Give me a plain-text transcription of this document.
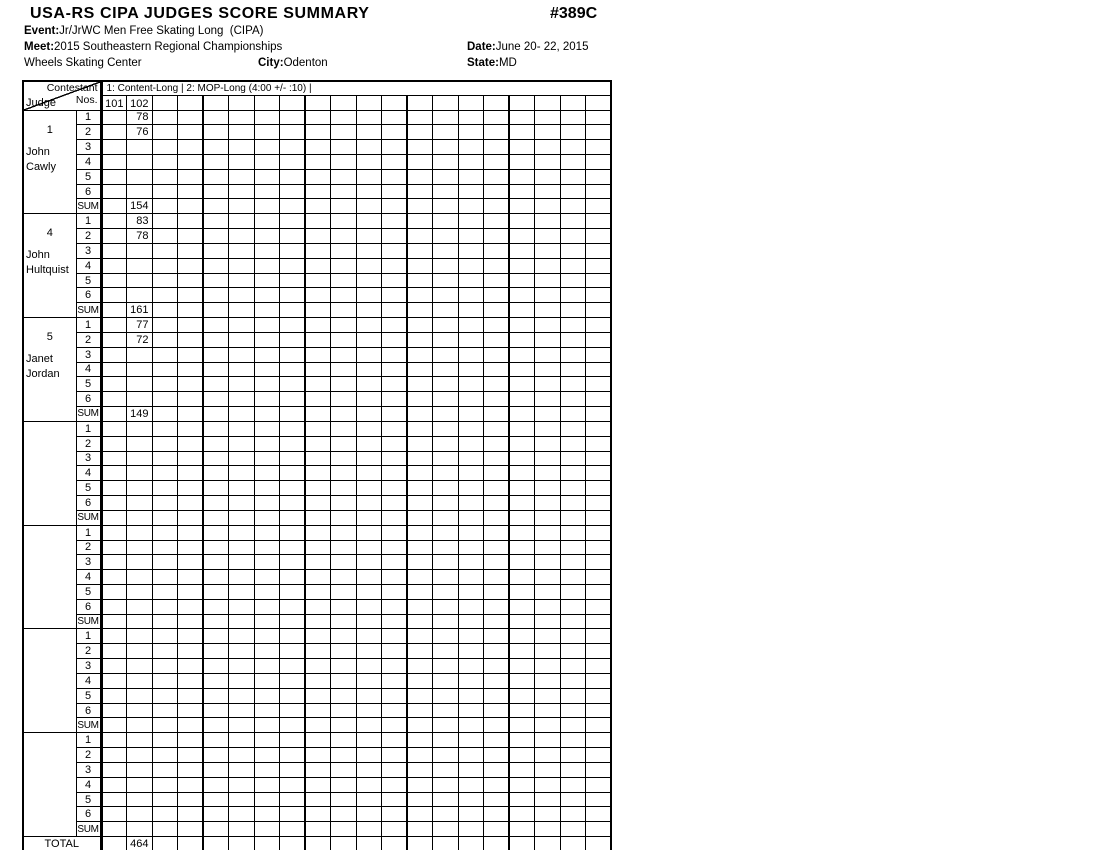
USA-RS CIPA JUDGES SCORE SUMMARY	#389C
Event:Jr/JrWC Men Free Skating Long  (CIPA)
Meet:2015 Southeastern Regional Championships	Date:June 20- 22, 2015
Wheels Skating Center	City:Odenton	State:MD
Contestant
Nos.
Judge		1: Content-Long | 2: MOP-Long (4:00 +/- :10) |																			
		101	102																		

1
John
Cawly	1		78																		
	2		76																		
	3																				
	4																				
	5																				
	6																				
	SUM		154																		

4
John
Hultquist	1		83																		
	2		78																		
	3																				
	4																				
	5																				
	6																				
	SUM		161																		

5
Janet
Jordan	1		77																		
	2		72																		
	3																				
	4																				
	5																				
	6																				
	SUM		149																		

	1																				
	2																				
	3																				
	4																				
	5																				
	6																				
	SUM																				

	1																				
	2																				
	3																				
	4																				
	5																				
	6																				
	SUM																				

	1																				
	2																				
	3																				
	4																				
	5																				
	6																				
	SUM																				

	1																				
	2																				
	3																				
	4																				
	5																				
	6																				
	SUM																				
TOTAL			464																		
